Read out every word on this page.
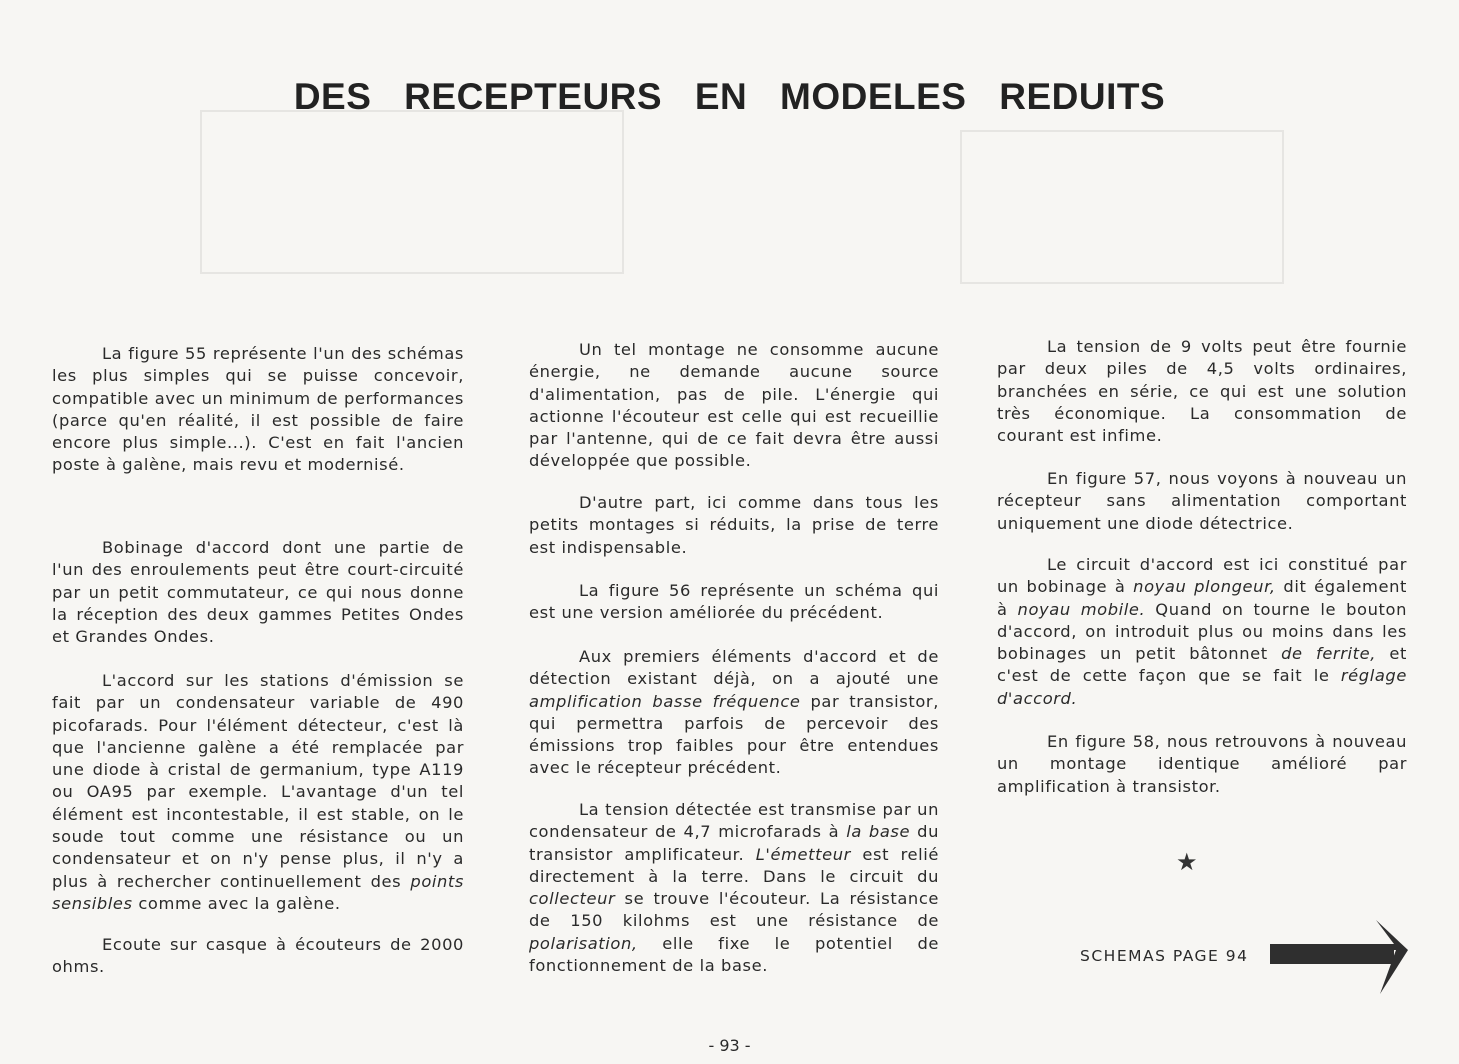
DES RECEPTEURS EN MODELES REDUITS
La figure 55 représente l'un des schémas les plus simples qui se puisse concevoir, compatible avec un minimum de performances (parce qu'en réalité, il est possible de faire encore plus simple...). C'est en fait l'ancien poste à galène, mais revu et modernisé.
Bobinage d'accord dont une partie de l'un des enroulements peut être court-circuité par un petit commutateur, ce qui nous donne la réception des deux gammes Petites Ondes et Grandes Ondes.
L'accord sur les stations d'émission se fait par un condensateur variable de 490 picofarads. Pour l'élément détecteur, c'est là que l'ancienne galène a été remplacée par une diode à cristal de germanium, type A119 ou OA95 par exemple. L'avantage d'un tel élément est incontestable, il est stable, on le soude tout comme une résistance ou un condensateur et on n'y pense plus, il n'y a plus à rechercher continuellement des points sensibles comme avec la galène.
Ecoute sur casque à écouteurs de 2000 ohms.
Un tel montage ne consomme aucune énergie, ne demande aucune source d'alimentation, pas de pile. L'énergie qui actionne l'écouteur est celle qui est recueillie par l'antenne, qui de ce fait devra être aussi développée que possible.
D'autre part, ici comme dans tous les petits montages si réduits, la prise de terre est indispensable.
La figure 56 représente un schéma qui est une version améliorée du précédent.
Aux premiers éléments d'accord et de détection existant déjà, on a ajouté une amplification basse fréquence par transistor, qui permettra parfois de percevoir des émissions trop faibles pour être entendues avec le récepteur précédent.
La tension détectée est transmise par un condensateur de 4,7 microfarads à la base du transistor amplificateur. L'émetteur est relié directement à la terre. Dans le circuit du collecteur se trouve l'écouteur. La résistance de 150 kilohms est une résistance de polarisation, elle fixe le potentiel de fonctionnement de la base.
La tension de 9 volts peut être fournie par deux piles de 4,5 volts ordinaires, branchées en série, ce qui est une solution très économique. La consommation de courant est infime.
En figure 57, nous voyons à nouveau un récepteur sans alimentation comportant uniquement une diode détectrice.
Le circuit d'accord est ici constitué par un bobinage à noyau plongeur, dit également à noyau mobile. Quand on tourne le bouton d'accord, on introduit plus ou moins dans les bobinages un petit bâtonnet de ferrite, et c'est de cette façon que se fait le réglage d'accord.
En figure 58, nous retrouvons à nouveau un montage identique amélioré par amplification à transistor.
★
SCHEMAS PAGE 94
- 93 -
